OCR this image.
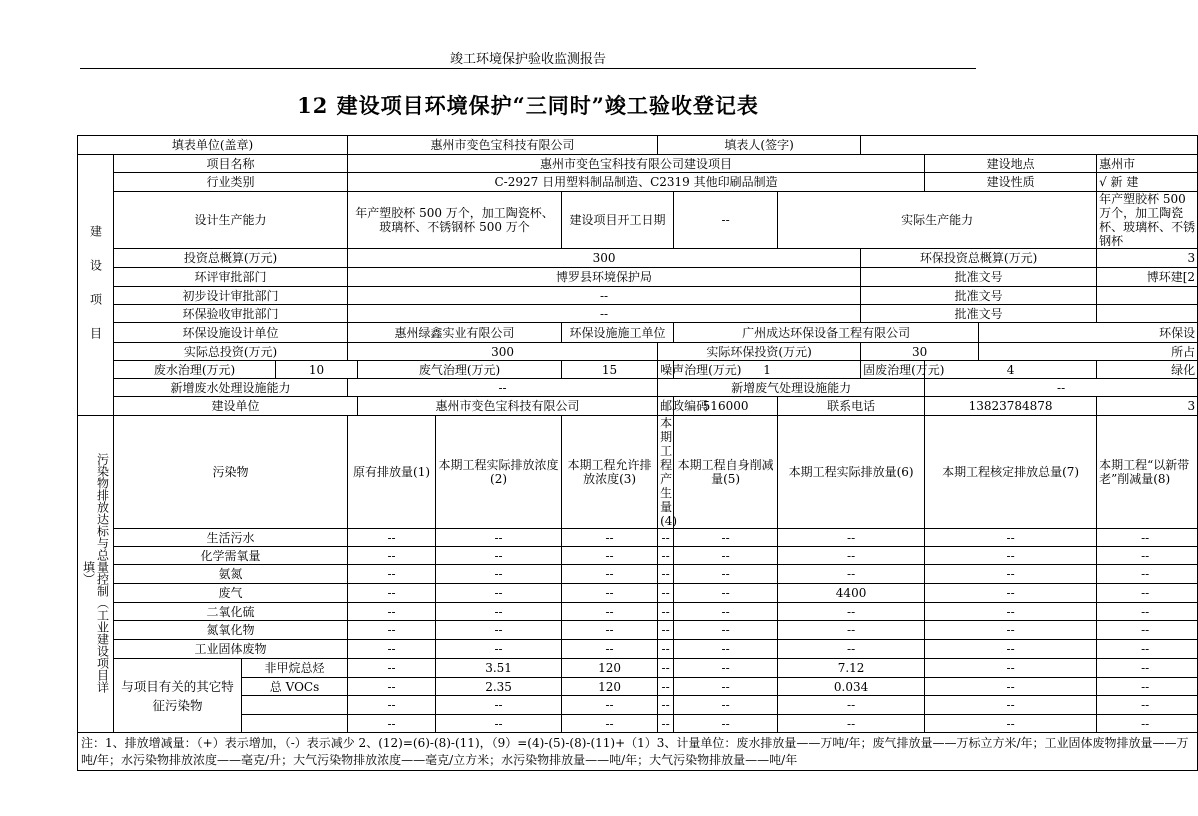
竣工环境保护验收监测报告
12 建设项目环境保护“三同时”竣工验收登记表
填表单位(盖章)				惠州市变色宝科技有限公司				填表人(签字)						
建 设 项 目	项目名称			惠州市变色宝科技有限公司建设项目								建设地点		惠州市
	行业类别			C-2927 日用塑料制品制造、C2319 其他印刷品制造								建设性质		√ 新 建
	设计生产能力			年产塑胶杯 500 万个，加工陶瓷杯、玻璃杯、不锈钢杯 500 万个			建设项目开工日期		--	实际生产能力				年产塑胶杯 500 万个，加工陶瓷杯、玻璃杯、不锈钢杯
	投资总概算(万元)			300							环保投资总概算(万元)			3
	环评审批部门			博罗县环境保护局							批准文号			博环建[2
	初步设计审批部门			--							批准文号			
	环保验收审批部门			--							批准文号			
	环保设施设计单位			惠州绿鑫实业有限公司			环保设施施工单位		广州成达环保设备工程有限公司				环保设	
	实际总投资(万元)			300				实际环保投资(万元)			30		所占	
	废水治理(万元)		10		废气治理(万元)		15	噪声治理(万元)	1		固废治理(万元)	4		绿化
	新增废水处理设施能力			--				新增废气处理设施能力				--		
	建设单位				惠州市变色宝科技有限公司			邮政编码	516000	联系电话		13823784878		3
污染物排放达标与总量控制（工业建设项目详填）	污染物			原有排放量(1)		本期工程实际排放浓度(2)	本期工程允许排放浓度(3)	本期工程产生量(4)	本期工程自身削减量(5)	本期工程实际排放量(6)		本期工程核定排放总量(7)		本期工程“以新带老”削减量(8)
	生活污水			--		--	--	--	--	--		--		--
	化学需氧量			--		--	--	--	--	--		--		--
	氨氮			--		--	--	--	--	--		--		--
	废气			--		--	--	--	--	4400		--		--
	二氧化硫			--		--	--	--	--	--		--		--
	氮氧化物			--		--	--	--	--	--		--		--
	工业固体废物			--		--	--	--	--	--		--		--
	与项目有关的其它特征污染物	非甲烷总烃		--		3.51	120	--	--	7.12		--		--
		总 VOCs		--		2.35	120	--	--	0.034		--		--
				--		--	--	--	--	--		--		--
				--		--	--	--	--	--		--		--
注：1、排放增减量：（+）表示增加，（-）表示减少 2、(12)=(6)-(8)-(11)，（9）=(4)-(5)-(8)-(11)+（1）3、计量单位：废水排放量——万吨/年；废气排放量——万标立方米/年；工业固体废物排放量——万吨/年；水污染物排放浓度——毫克/升；大气污染物排放浓度——毫克/立方米；水污染物排放量——吨/年；大气污染物排放量——吨/年														
